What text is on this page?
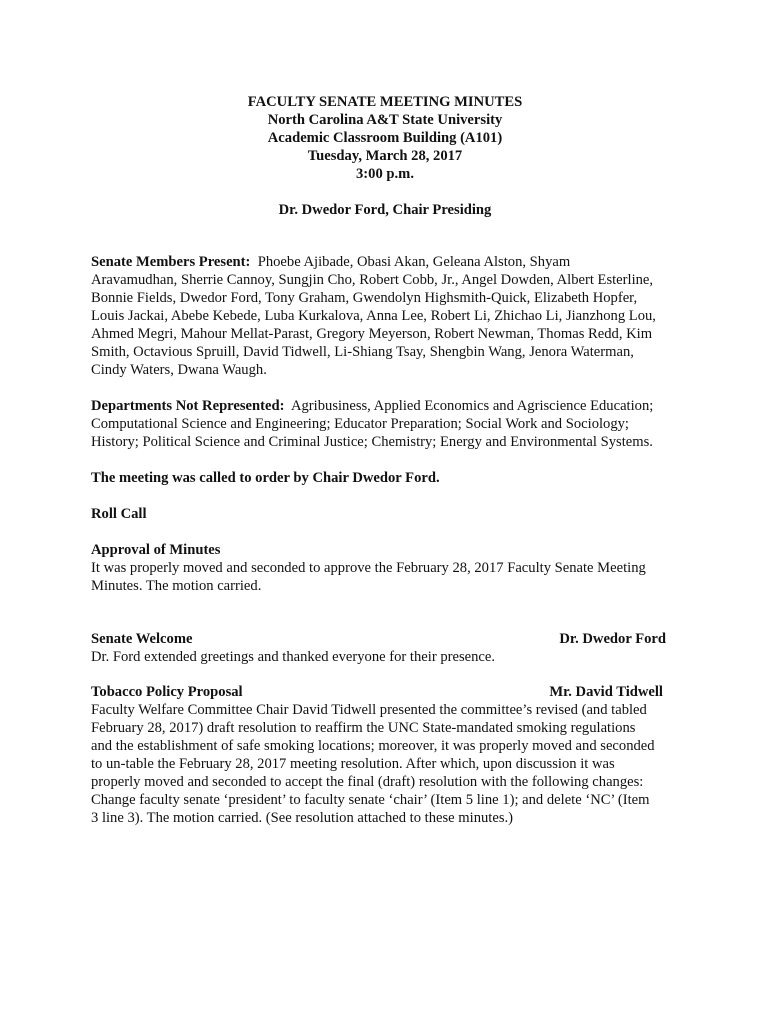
FACULTY SENATE MEETING MINUTES
North Carolina A&T State University
Academic Classroom Building (A101)
Tuesday, March 28, 2017
3:00 p.m.
Dr. Dwedor Ford, Chair Presiding
Senate Members Present: Phoebe Ajibade, Obasi Akan, Geleana Alston, Shyam
Aravamudhan, Sherrie Cannoy, Sungjin Cho, Robert Cobb, Jr., Angel Dowden, Albert Esterline,
Bonnie Fields, Dwedor Ford, Tony Graham, Gwendolyn Highsmith-Quick, Elizabeth Hopfer,
Louis Jackai, Abebe Kebede, Luba Kurkalova, Anna Lee, Robert Li, Zhichao Li, Jianzhong Lou,
Ahmed Megri, Mahour Mellat-Parast, Gregory Meyerson, Robert Newman, Thomas Redd, Kim
Smith, Octavious Spruill, David Tidwell, Li-Shiang Tsay, Shengbin Wang, Jenora Waterman,
Cindy Waters, Dwana Waugh.
Departments Not Represented: Agribusiness, Applied Economics and Agriscience Education;
Computational Science and Engineering; Educator Preparation; Social Work and Sociology;
History; Political Science and Criminal Justice; Chemistry; Energy and Environmental Systems.
The meeting was called to order by Chair Dwedor Ford.
Roll Call
Approval of Minutes
It was properly moved and seconded to approve the February 28, 2017 Faculty Senate Meeting
Minutes. The motion carried.
Senate Welcome	Dr. Dwedor Ford
Dr. Ford extended greetings and thanked everyone for their presence.
Tobacco Policy Proposal	Mr. David Tidwell
Faculty Welfare Committee Chair David Tidwell presented the committee’s revised (and tabled
February 28, 2017) draft resolution to reaffirm the UNC State-mandated smoking regulations
and the establishment of safe smoking locations; moreover, it was properly moved and seconded
to un-table the February 28, 2017 meeting resolution. After which, upon discussion it was
properly moved and seconded to accept the final (draft) resolution with the following changes:
Change faculty senate ‘president’ to faculty senate ‘chair’ (Item 5 line 1); and delete ‘NC’ (Item
3 line 3). The motion carried. (See resolution attached to these minutes.)
